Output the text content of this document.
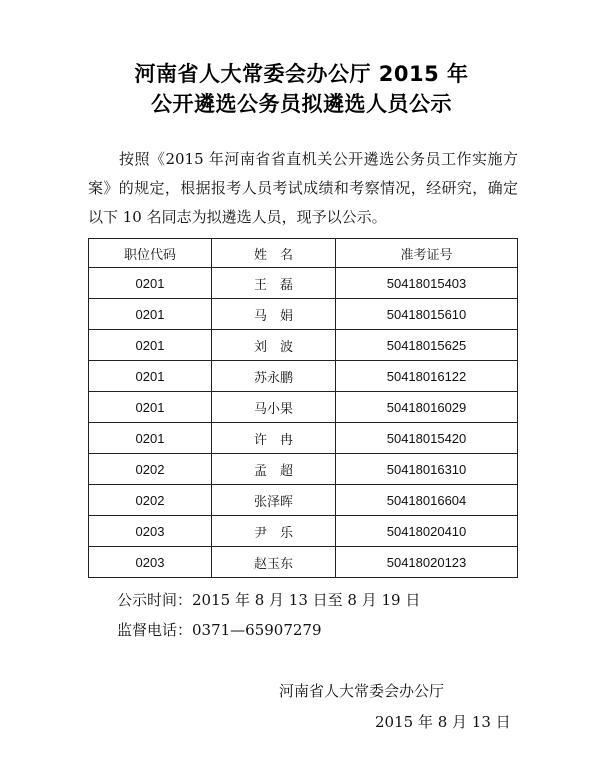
河南省人大常委会办公厅 2015 年
公开遴选公务员拟遴选人员公示

按照《2015 年河南省省直机关公开遴选公务员工作实施方案》的规定，根据报考人员考试成绩和考察情况，经研究，确定以下 10 名同志为拟遴选人员，现予以公示。

职位代码	姓　名	准考证号
0201	王　磊	50418015403
0201	马　娟	50418015610
0201	刘　波	50418015625
0201	苏永鹏	50418016122
0201	马小果	50418016029
0201	许　冉	50418015420
0202	孟　超	50418016310
0202	张泽晖	50418016604
0203	尹　乐	50418020410
0203	赵玉东	50418020123

公示时间：2015 年 8 月 13 日至 8 月 19 日

监督电话：0371—65907279

河南省人大常委会办公厅

2015 年 8 月 13 日
